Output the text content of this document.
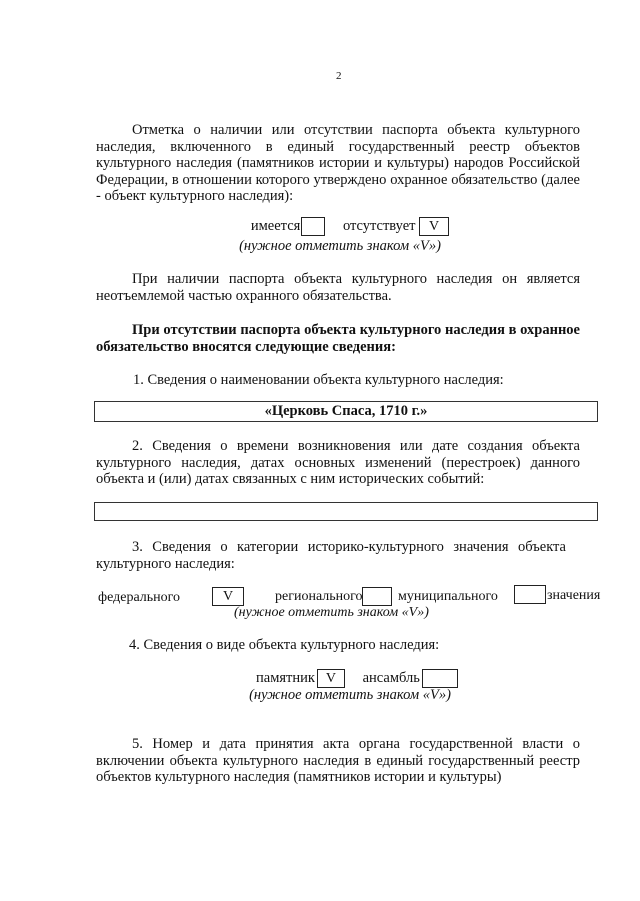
2
Отметка о наличии или отсутствии паспорта объекта культурного наследия, включенного в единый государственный реестр объектов культурного наследия (памятников истории и культуры) народов Российской Федерации, в отношении которого утверждено охранное обязательство (далее - объект культурного наследия):
имеется	отсутствует V
(нужное отметить знаком «V»)
При наличии паспорта объекта культурного наследия он является неотъемлемой частью охранного обязательства.
При отсутствии паспорта объекта культурного наследия в охранное обязательство вносятся следующие сведения:
1. Сведения о наименовании объекта культурного наследия:
«Церковь Спаса, 1710 г.»
2. Сведения о времени возникновения или дате создания объекта культурного наследия, датах основных изменений (перестроек) данного объекта и (или) датах связанных с ним исторических событий:
3. Сведения о категории историко-культурного значения объекта культурного наследия:
федерального	V	регионального	муниципального	значения
(нужное отметить знаком «V»)
4. Сведения о виде объекта культурного наследия:
памятник V ансамбль
(нужное отметить знаком «V»)
5. Номер и дата принятия акта органа государственной власти о включении объекта культурного наследия в единый государственный реестр объектов культурного наследия (памятников истории и культуры)
